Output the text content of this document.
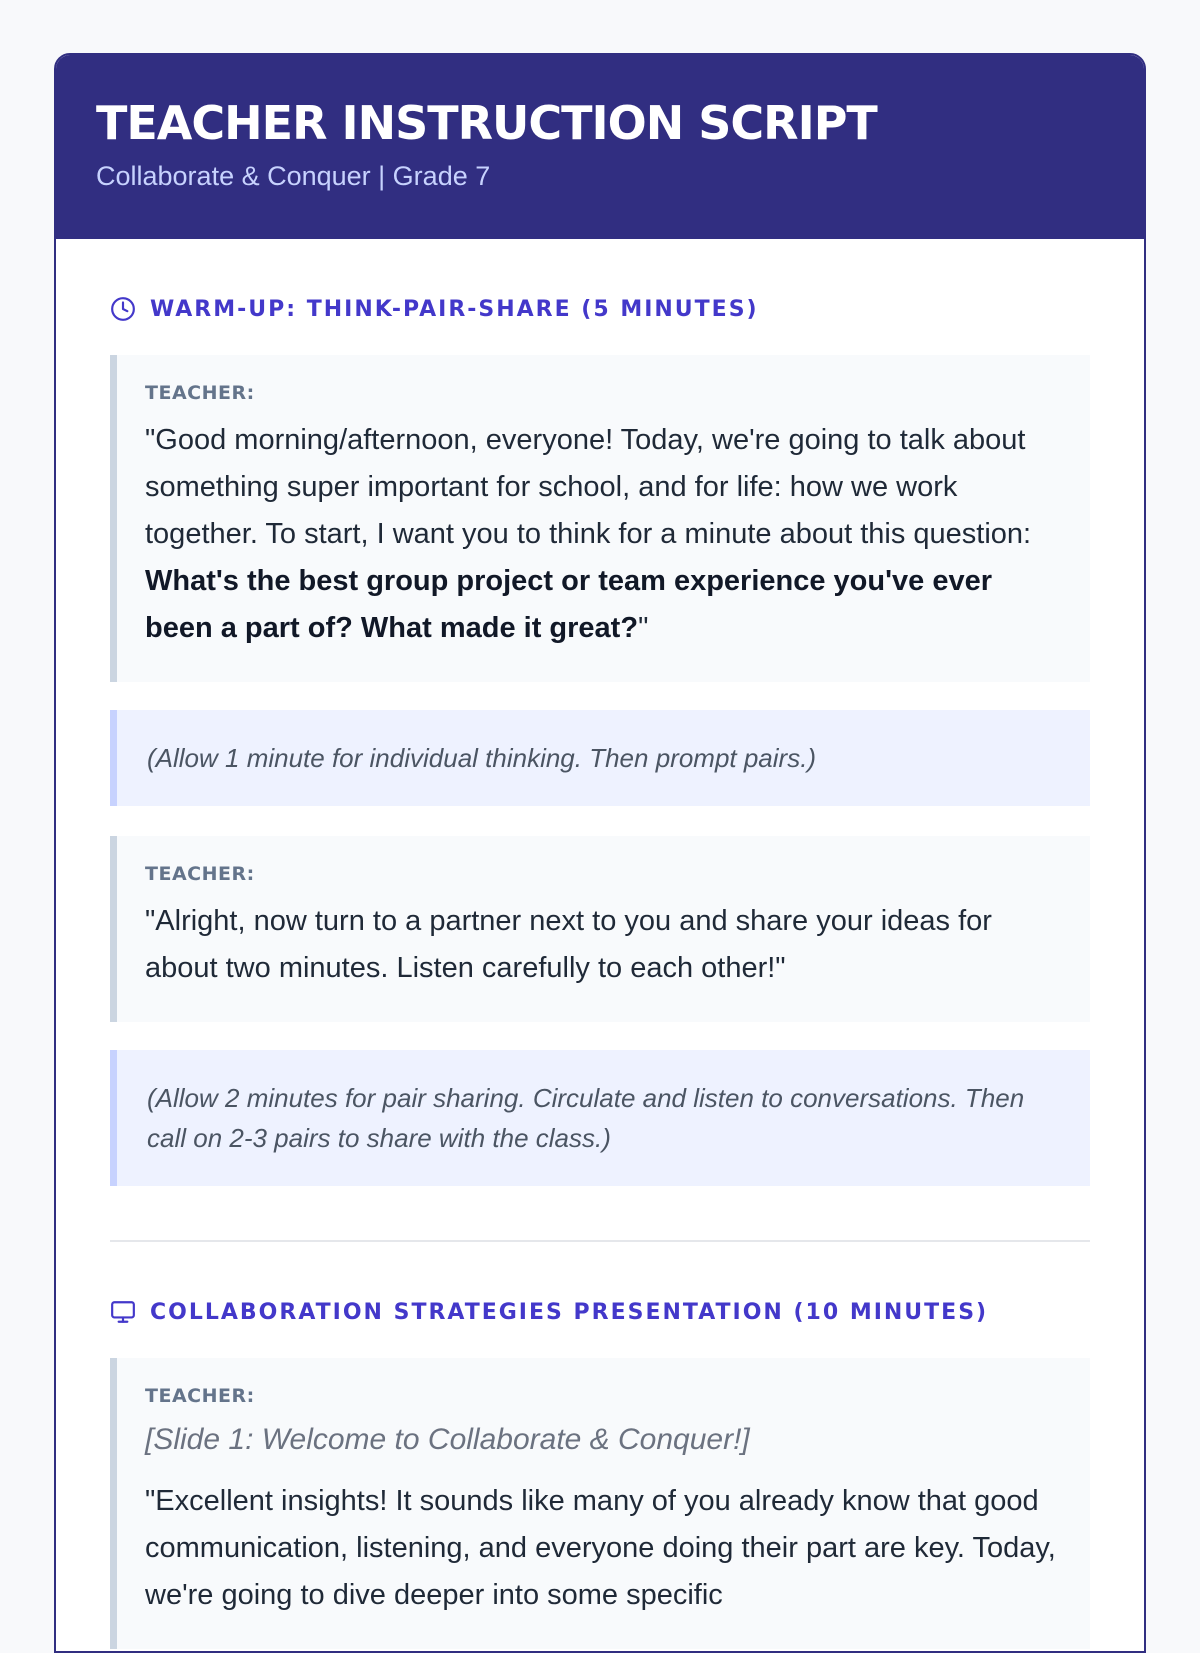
TEACHER INSTRUCTION SCRIPT
Collaborate & Conquer | Grade 7
WARM-UP: THINK-PAIR-SHARE (5 MINUTES)
TEACHER:

"Good morning/afternoon, everyone! Today, we're going to talk about something super important for school, and for life: how we work together. To start, I want you to think for a minute about this question: What's the best group project or team experience you've ever been a part of? What made it great?"

(Allow 1 minute for individual thinking. Then prompt pairs.)
TEACHER:

"Alright, now turn to a partner next to you and share your ideas for about two minutes. Listen carefully to each other!"

(Allow 2 minutes for pair sharing. Circulate and listen to conversations. Then call on 2-3 pairs to share with the class.)
COLLABORATION STRATEGIES PRESENTATION (10 MINUTES)
TEACHER:
[Slide 1: Welcome to Collaborate & Conquer!]

"Excellent insights! It sounds like many of you already know that good communication, listening, and everyone doing their part are key. Today, we're going to dive deeper into some specific
